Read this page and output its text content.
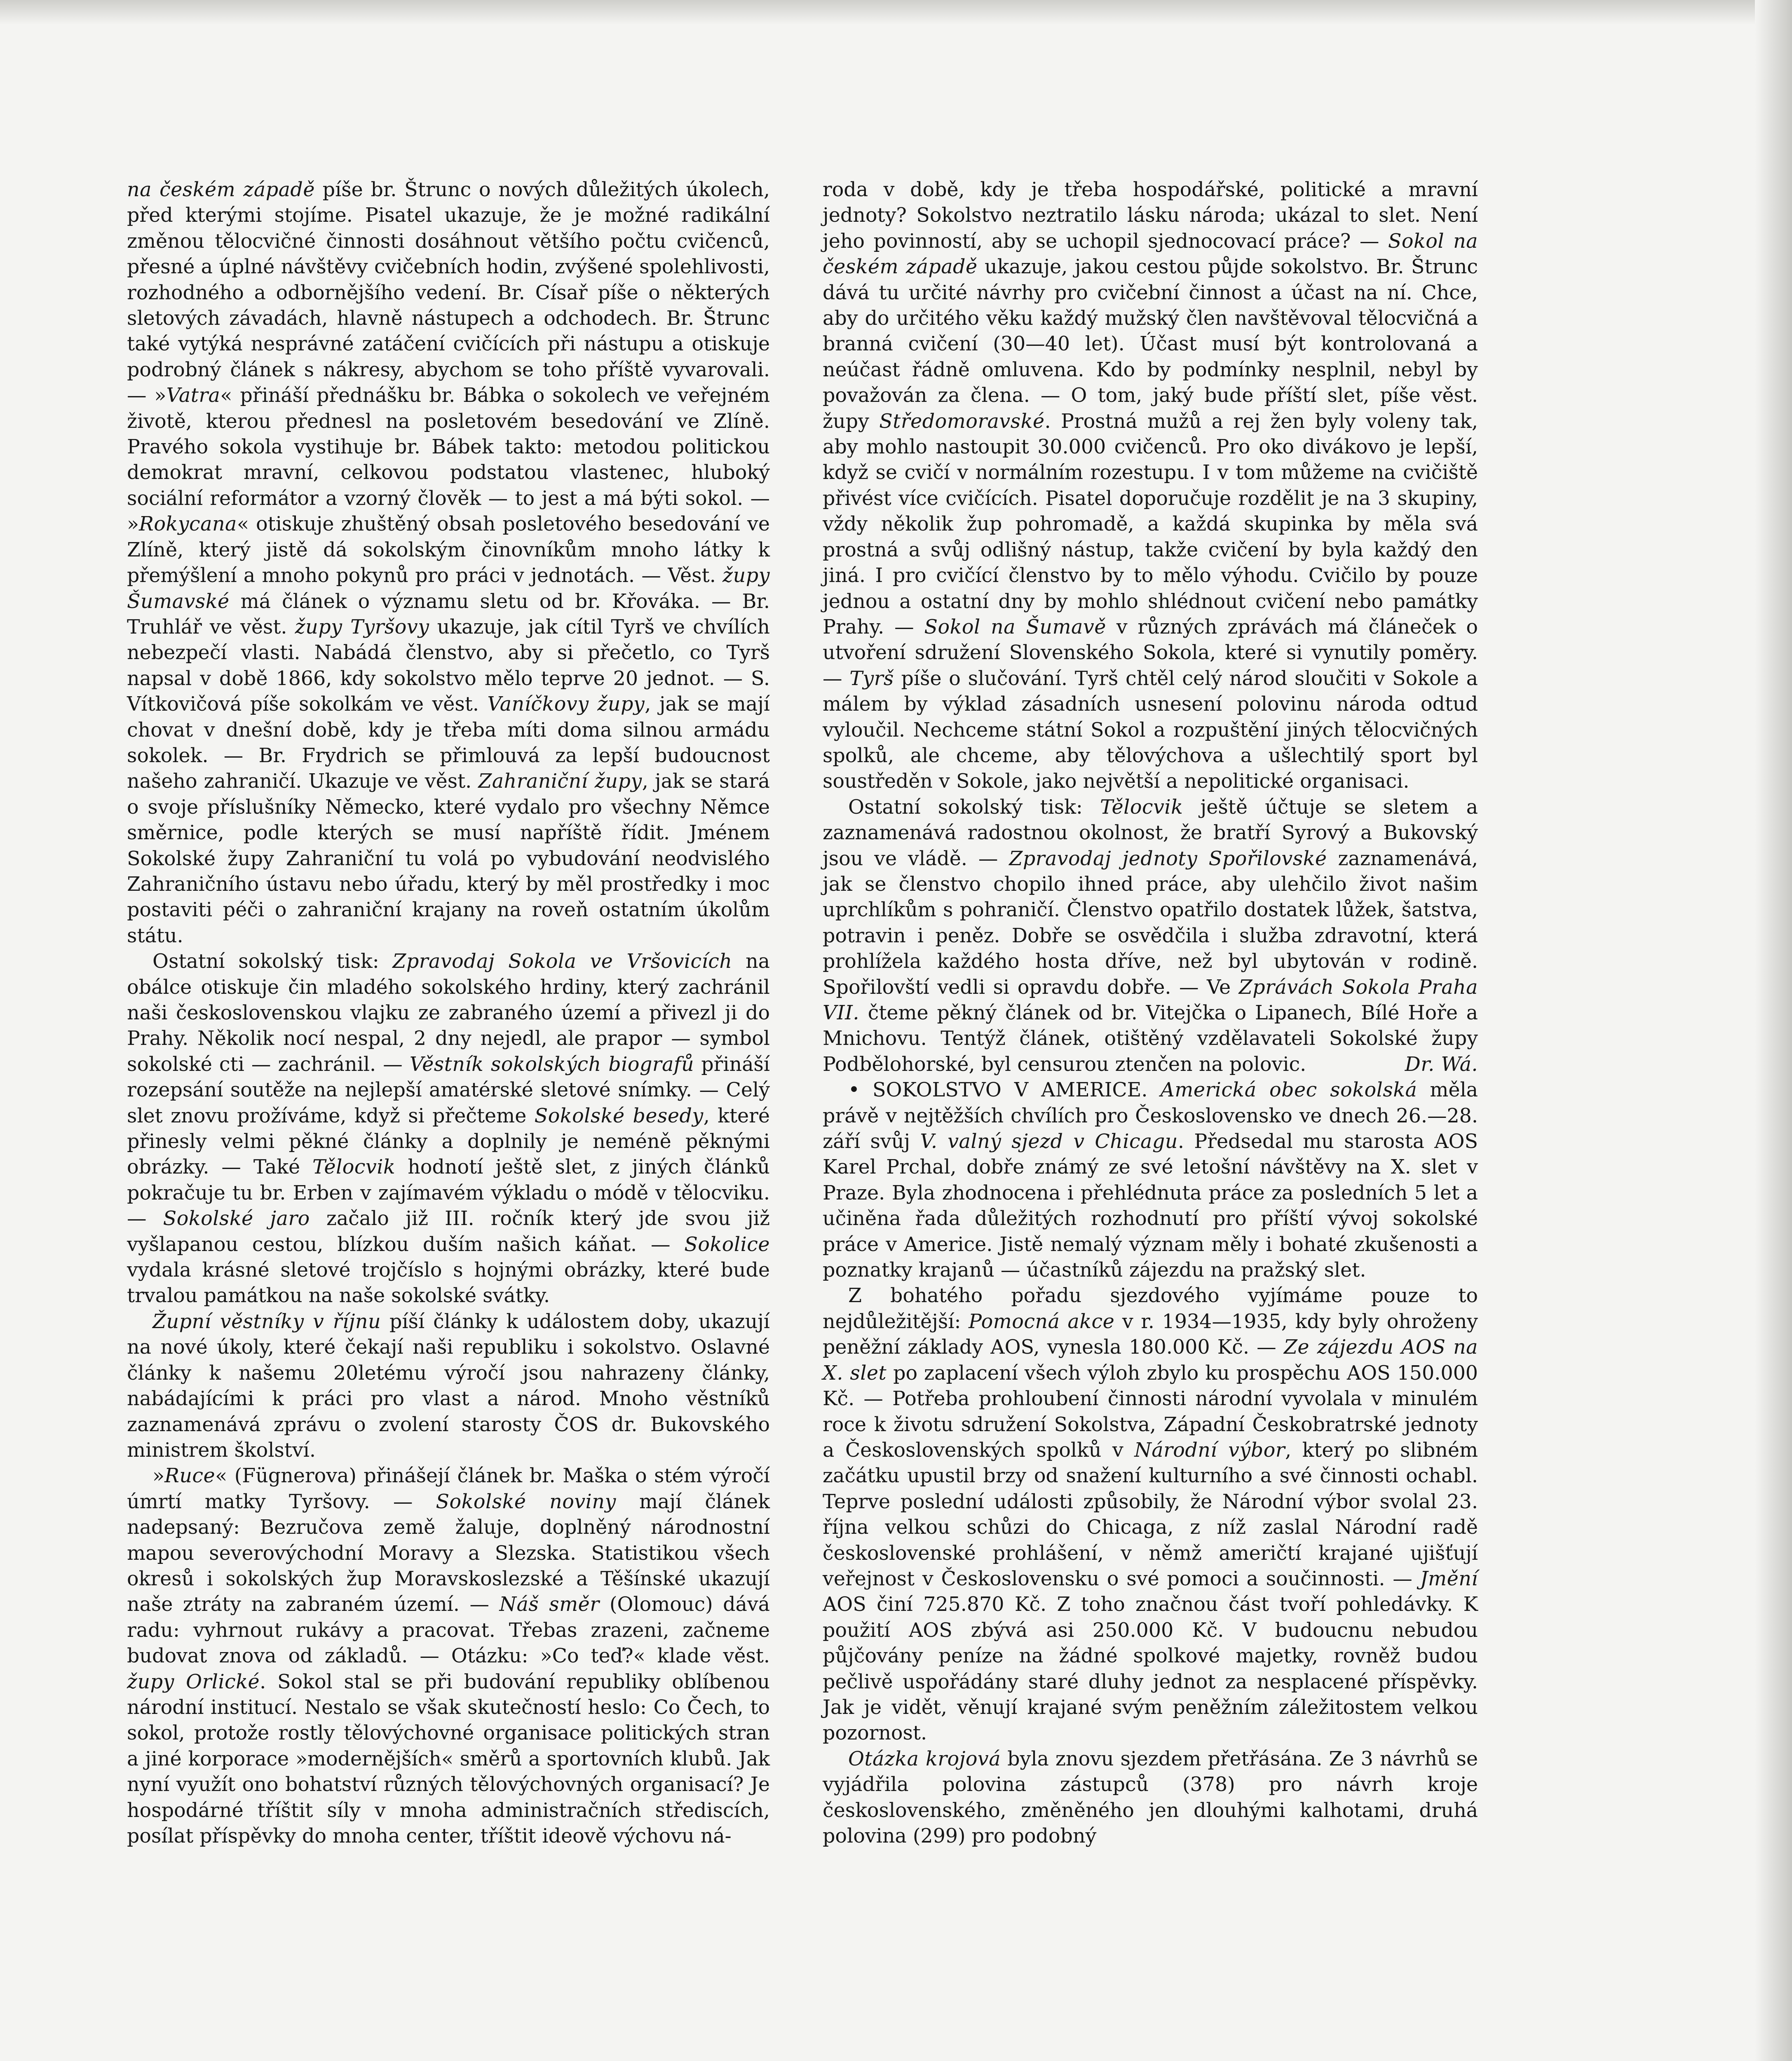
na českém západě píše br. Štrunc o nových důležitých úkolech, před kterými stojíme. Pisatel ukazuje, že je možné radikální změnou tělocvičné činnosti dosáhnout většího počtu cvičenců, přesné a úplné návštěvy cvičebních hodin, zvýšené spolehlivosti, rozhodného a odbornějšího vedení. Br. Císař píše o některých sletových závadách, hlavně nástupech a odchodech. Br. Štrunc také vytýká nesprávné zatáčení cvičících při nástupu a otiskuje podrobný článek s nákresy, abychom se toho příště vyvarovali. — »Vatra« přináší přednášku br. Bábka o sokolech ve veřejném životě, kterou přednesl na posletovém besedování ve Zlíně. Pravého sokola vystihuje br. Bábek takto: metodou politickou demokrat mravní, celkovou podstatou vlastenec, hluboký sociální reformátor a vzorný člověk — to jest a má býti sokol. — »Rokycana« otiskuje zhuštěný obsah posletového besedování ve Zlíně, který jistě dá sokolským činovníkům mnoho látky k přemýšlení a mnoho pokynů pro práci v jednotách. — Věst. župy Šumavské má článek o významu sletu od br. Křováka. — Br. Truhlář ve věst. župy Tyršovy ukazuje, jak cítil Tyrš ve chvílích nebezpečí vlasti. Nabádá členstvo, aby si přečetlo, co Tyrš napsal v době 1866, kdy sokolstvo mělo teprve 20 jednot. — S. Vítkovičová píše sokolkám ve věst. Vaníčkovy župy, jak se mají chovat v dnešní době, kdy je třeba míti doma silnou armádu sokolek. — Br. Frydrich se přimlouvá za lepší budoucnost našeho zahraničí. Ukazuje ve věst. Zahraniční župy, jak se stará o svoje příslušníky Německo, které vydalo pro všechny Němce směrnice, podle kterých se musí napříště řídit. Jménem Sokolské župy Zahraniční tu volá po vybudování neodvislého Zahraničního ústavu nebo úřadu, který by měl prostředky i moc postaviti péči o zahraniční krajany na roveň ostatním úkolům státu.

Ostatní sokolský tisk: Zpravodaj Sokola ve Vršovicích na obálce otiskuje čin mladého sokolského hrdiny, který zachránil naši československou vlajku ze zabraného území a přivezl ji do Prahy. Několik nocí nespal, 2 dny nejedl, ale prapor — symbol sokolské cti — zachránil. — Věstník sokolských biografů přináší rozepsání soutěže na nejlepší amatérské sletové snímky. — Celý slet znovu prožíváme, když si přečteme Sokolské besedy, které přinesly velmi pěkné články a doplnily je neméně pěknými obrázky. — Také Tělocvik hodnotí ještě slet, z jiných článků pokračuje tu br. Erben v zajímavém výkladu o módě v tělocviku. — Sokolské jaro začalo již III. ročník který jde svou již vyšlapanou cestou, blízkou duším našich káňat. — Sokolice vydala krásné sletové trojčíslo s hojnými obrázky, které bude trvalou památkou na naše sokolské svátky.

Župní věstníky v říjnu píší články k událostem doby, ukazují na nové úkoly, které čekají naši republiku i sokolstvo. Oslavné články k našemu 20letému výročí jsou nahrazeny články, nabádajícími k práci pro vlast a národ. Mnoho věstníků zaznamenává zprávu o zvolení starosty ČOS dr. Bukovského ministrem školství.

»Ruce« (Fügnerova) přinášejí článek br. Maška o stém výročí úmrtí matky Tyršovy. — Sokolské noviny mají článek nadepsaný: Bezručova země žaluje, doplněný národnostní mapou severovýchodní Moravy a Slezska. Statistikou všech okresů i sokolských žup Moravskoslezské a Těšínské ukazují naše ztráty na zabraném území. — Náš směr (Olomouc) dává radu: vyhrnout rukávy a pracovat. Třebas zrazeni, začneme budovat znova od základů. — Otázku: »Co teď?« klade věst. župy Orlické. Sokol stal se při budování republiky oblíbenou národní institucí. Nestalo se však skutečností heslo: Co Čech, to sokol, protože rostly tělovýchovné organisace politických stran a jiné korporace »modernějších« směrů a sportovních klubů. Jak nyní využít ono bohatství různých tělovýchovných organisací? Je hospodárné tříštit síly v mnoha administračních střediscích, posílat příspěvky do mnoha center, tříštit ideově výchovu ná-

roda v době, kdy je třeba hospodářské, politické a mravní jednoty? Sokolstvo neztratilo lásku národa; ukázal to slet. Není jeho povinností, aby se uchopil sjednocovací práce? — Sokol na českém západě ukazuje, jakou cestou půjde sokolstvo. Br. Štrunc dává tu určité návrhy pro cvičební činnost a účast na ní. Chce, aby do určitého věku každý mužský člen navštěvoval tělocvičná a branná cvičení (30—40 let). Účast musí být kontrolovaná a neúčast řádně omluvena. Kdo by podmínky nesplnil, nebyl by považován za člena. — O tom, jaký bude příští slet, píše věst. župy Středomoravské. Prostná mužů a rej žen byly voleny tak, aby mohlo nastoupit 30.000 cvičenců. Pro oko divákovo je lepší, když se cvičí v normálním rozestupu. I v tom můžeme na cvičiště přivést více cvičících. Pisatel doporučuje rozdělit je na 3 skupiny, vždy několik žup pohromadě, a každá skupinka by měla svá prostná a svůj odlišný nástup, takže cvičení by byla každý den jiná. I pro cvičící členstvo by to mělo výhodu. Cvičilo by pouze jednou a ostatní dny by mohlo shlédnout cvičení nebo památky Prahy. — Sokol na Šumavě v různých zprávách má článeček o utvoření sdružení Slovenského Sokola, které si vynutily poměry. — Tyrš píše o slučování. Tyrš chtěl celý národ sloučiti v Sokole a málem by výklad zásadních usnesení polovinu národa odtud vyloučil. Nechceme státní Sokol a rozpuštění jiných tělocvičných spolků, ale chceme, aby tělovýchova a ušlechtilý sport byl soustředěn v Sokole, jako největší a nepolitické organisaci.

Ostatní sokolský tisk: Tělocvik ještě účtuje se sletem a zaznamenává radostnou okolnost, že bratří Syrový a Bukovský jsou ve vládě. — Zpravodaj jednoty Spořilovské zaznamenává, jak se členstvo chopilo ihned práce, aby ulehčilo život našim uprchlíkům s pohraničí. Členstvo opatřilo dostatek lůžek, šatstva, potravin i peněz. Dobře se osvědčila i služba zdravotní, která prohlížela každého hosta dříve, než byl ubytován v rodině. Spořilovští vedli si opravdu dobře. — Ve Zprávách Sokola Praha VII. čteme pěkný článek od br. Vitejčka o Lipanech, Bílé Hoře a Mnichovu. Tentýž článek, otištěný vzdělavateli Sokolské župy Podbělohorské, byl censurou ztenčen na polovic.	Dr. Wá.

• SOKOLSTVO V AMERICE. Americká obec sokolská měla právě v nejtěžších chvílích pro Československo ve dnech 26.—28. září svůj V. valný sjezd v Chicagu. Předsedal mu starosta AOS Karel Prchal, dobře známý ze své letošní návštěvy na X. slet v Praze. Byla zhodnocena i přehlédnuta práce za posledních 5 let a učiněna řada důležitých rozhodnutí pro příští vývoj sokolské práce v Americe. Jistě nemalý význam měly i bohaté zkušenosti a poznatky krajanů — účastníků zájezdu na pražský slet.

Z bohatého pořadu sjezdového vyjímáme pouze to nejdůležitější: Pomocná akce v r. 1934—1935, kdy byly ohroženy peněžní základy AOS, vynesla 180.000 Kč. — Ze zájezdu AOS na X. slet po zaplacení všech výloh zbylo ku prospěchu AOS 150.000 Kč. — Potřeba prohloubení činnosti národní vyvolala v minulém roce k životu sdružení Sokolstva, Západní Českobratrské jednoty a Československých spolků v Národní výbor, který po slibném začátku upustil brzy od snažení kulturního a své činnosti ochabl. Teprve poslední události způsobily, že Národní výbor svolal 23. října velkou schůzi do Chicaga, z níž zaslal Národní radě československé prohlášení, v němž američtí krajané ujišťují veřejnost v Československu o své pomoci a součinnosti. — Jmění AOS činí 725.870 Kč. Z toho značnou část tvoří pohledávky. K použití AOS zbývá asi 250.000 Kč. V budoucnu nebudou půjčovány peníze na žádné spolkové majetky, rovněž budou pečlivě uspořádány staré dluhy jednot za nesplacené příspěvky. Jak je vidět, věnují krajané svým peněžním záležitostem velkou pozornost.

Otázka krojová byla znovu sjezdem přetřásána. Ze 3 návrhů se vyjádřila polovina zástupců (378) pro návrh kroje československého, změněného jen dlouhými kalhotami, druhá polovina (299) pro podobný
